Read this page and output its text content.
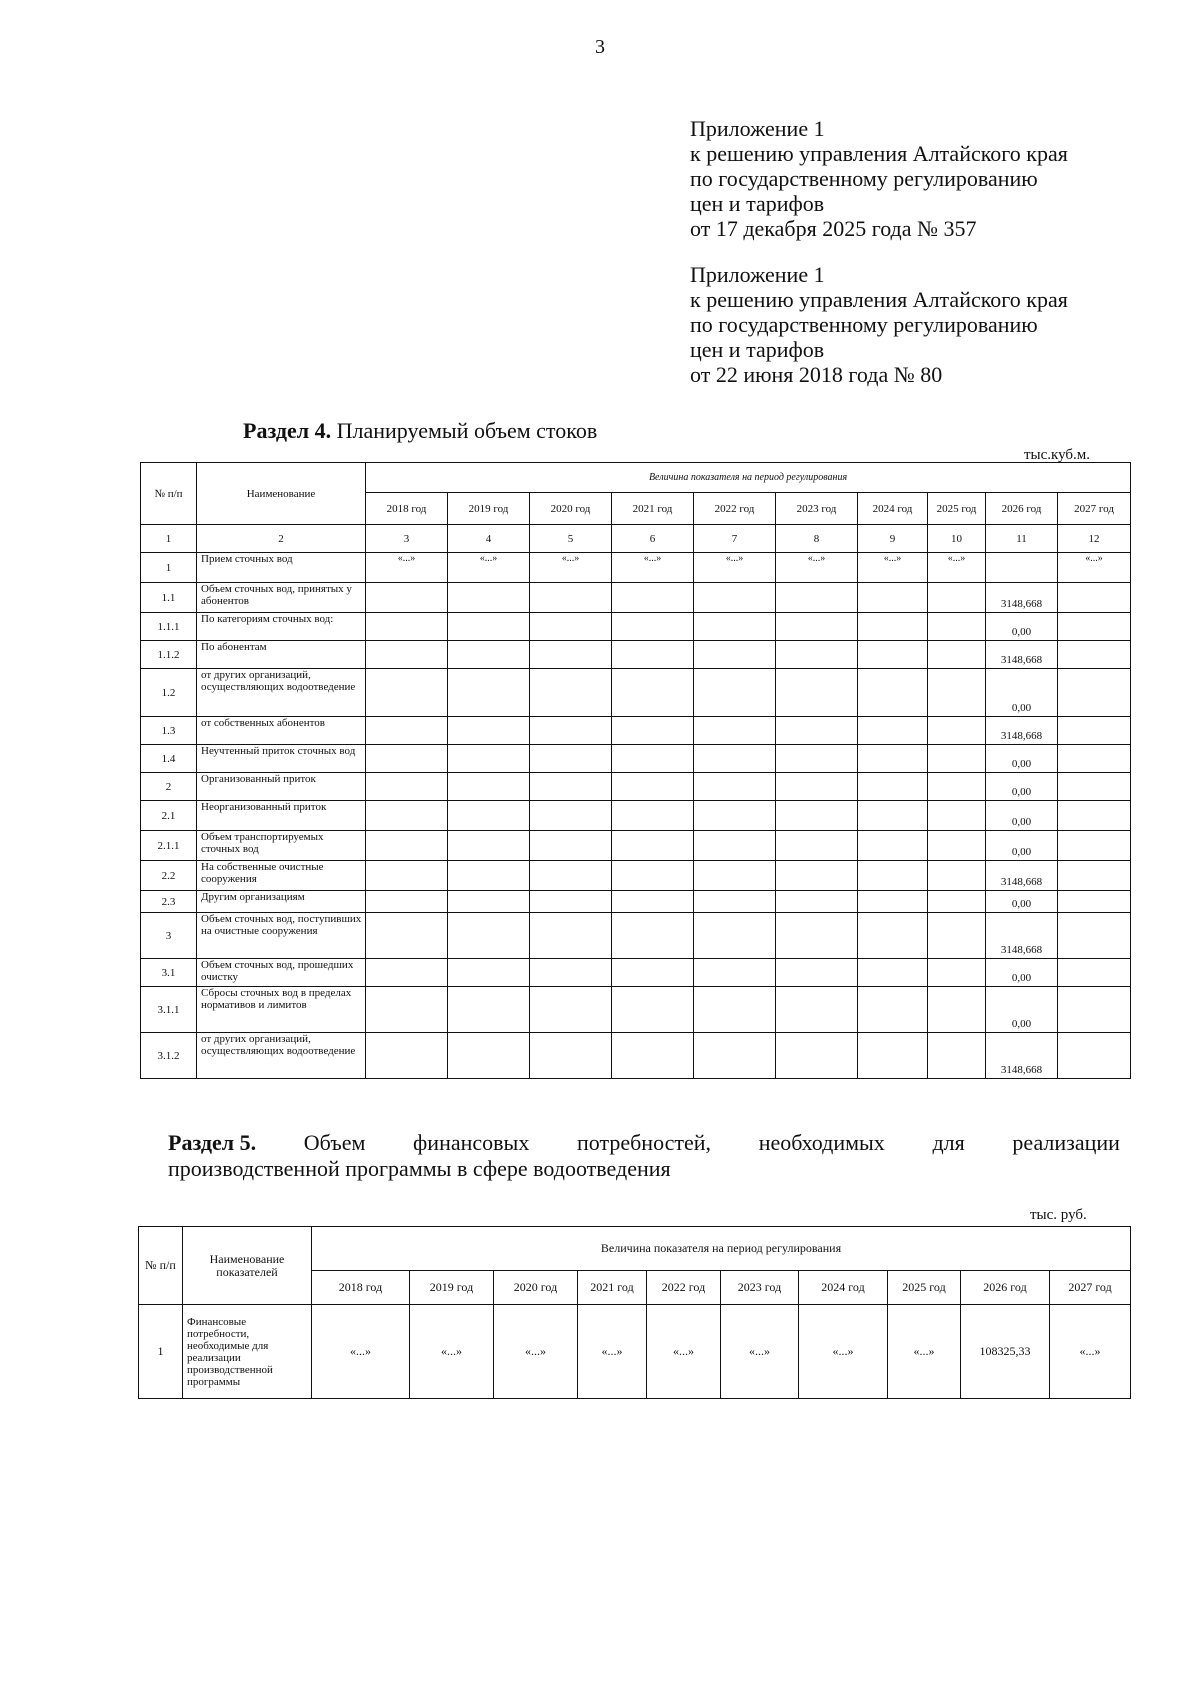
3
Приложение 1
к решению управления Алтайского края
по государственному регулированию
цен и тарифов
от 17 декабря 2025 года № 357
Приложение 1
к решению управления Алтайского края
по государственному регулированию
цен и тарифов
от 22 июня 2018 года № 80
Раздел 4. Планируемый объем стоков
тыс.куб.м.
№ п/п	Наименование	Величина показателя на период регулирования									
		2018 год	2019 год	2020 год	2021 год	2022 год	2023 год	2024 год	2025 год	2026 год	2027 год
1	2	3	4	5	6	7	8	9	10	11	12
1	Прием сточных вод	«...»	«...»	«...»	«...»	«...»	«...»	«...»	«...»		«...»
1.1	Объем сточных вод, принятых у абонентов									3148,668	
1.1.1	По категориям сточных вод:									0,00	
1.1.2	По абонентам									3148,668	
1.2	от других организаций, осуществляющих водоотведение									0,00	
1.3	от собственных абонентов									3148,668	
1.4	Неучтенный приток сточных вод									0,00	
2	Организованный приток									0,00	
2.1	Неорганизованный приток									0,00	
2.1.1	Объем транспортируемых сточных вод									0,00	
2.2	На собственные очистные сооружения									3148,668	
2.3	Другим организациям									0,00	
3	Объем сточных вод, поступивших на очистные сооружения									3148,668	
3.1	Объем сточных вод, прошедших очистку									0,00	
3.1.1	Сбросы сточных вод в пределах нормативов и лимитов									0,00	
3.1.2	от других организаций, осуществляющих водоотведение									3148,668	
Раздел 5. Объем финансовых потребностей, необходимых для реализации
производственной программы в сфере водоотведения
тыс. руб.
№ п/п	Наименование показателей	Величина показателя на период регулирования									
		2018 год	2019 год	2020 год	2021 год	2022 год	2023 год	2024 год	2025 год	2026 год	2027 год
1	Финансовые потребности, необходимые для реализации производственной программы	«...»	«...»	«...»	«...»	«...»	«...»	«...»	«...»	108325,33	«...»
